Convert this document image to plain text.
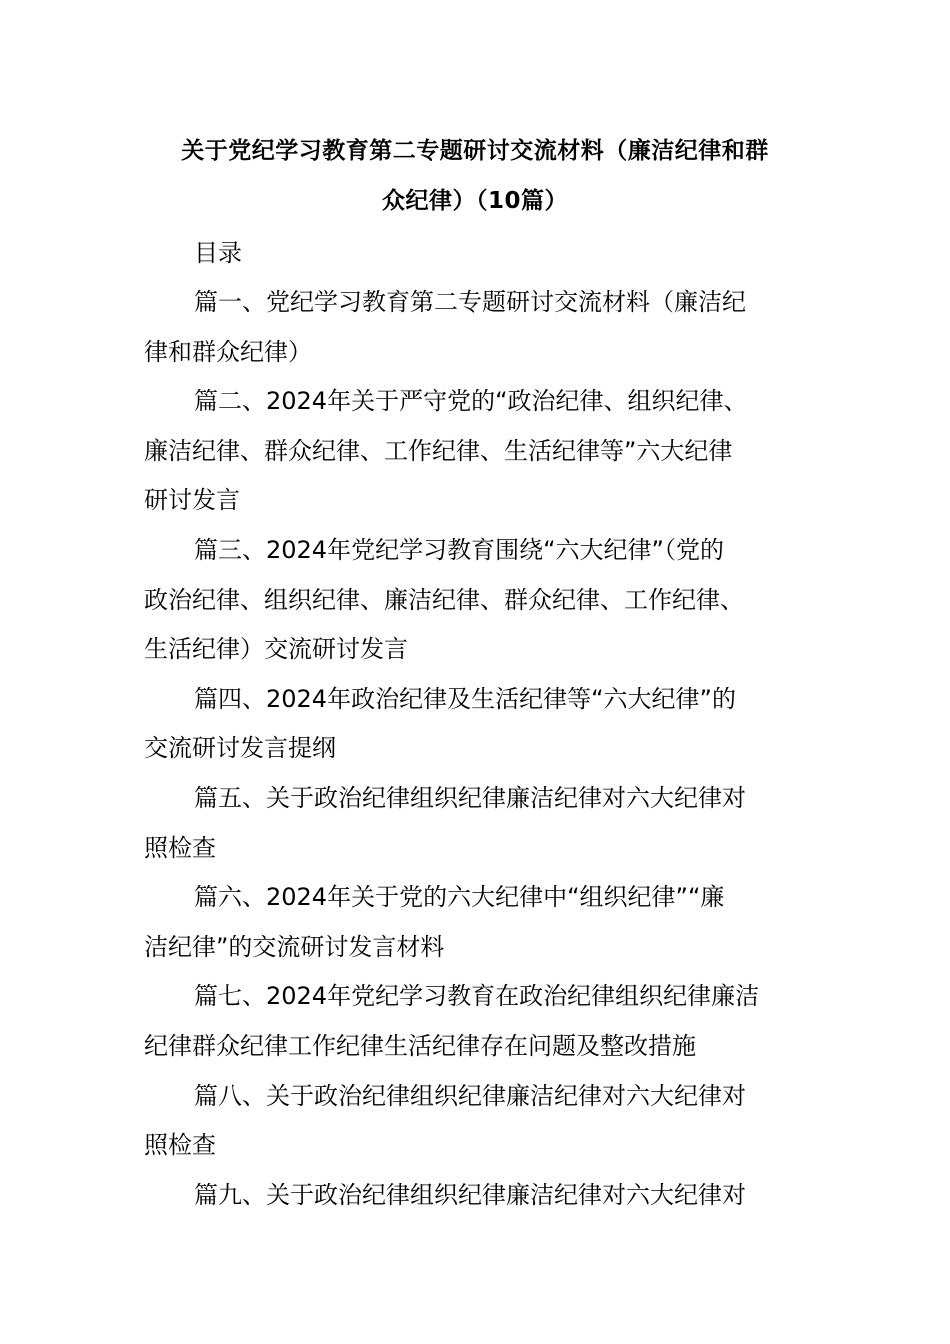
关于党纪学习教育第二专题研讨交流材料（廉洁纪律和群
众纪律）（10篇）
目录
篇一、党纪学习教育第二专题研讨交流材料（廉洁纪
律和群众纪律）
篇二、2024年关于严守党的“政治纪律、组织纪律、
廉洁纪律、群众纪律、工作纪律、生活纪律等”六大纪律
研讨发言
篇三、2024年党纪学习教育围绕“六大纪律”（党的
政治纪律、组织纪律、廉洁纪律、群众纪律、工作纪律、
生活纪律）交流研讨发言
篇四、2024年政治纪律及生活纪律等“六大纪律”的
交流研讨发言提纲
篇五、关于政治纪律组织纪律廉洁纪律对六大纪律对
照检查
篇六、2024年关于党的六大纪律中“组织纪律”“廉
洁纪律”的交流研讨发言材料
篇七、2024年党纪学习教育在政治纪律组织纪律廉洁
纪律群众纪律工作纪律生活纪律存在问题及整改措施
篇八、关于政治纪律组织纪律廉洁纪律对六大纪律对
照检查
篇九、关于政治纪律组织纪律廉洁纪律对六大纪律对
